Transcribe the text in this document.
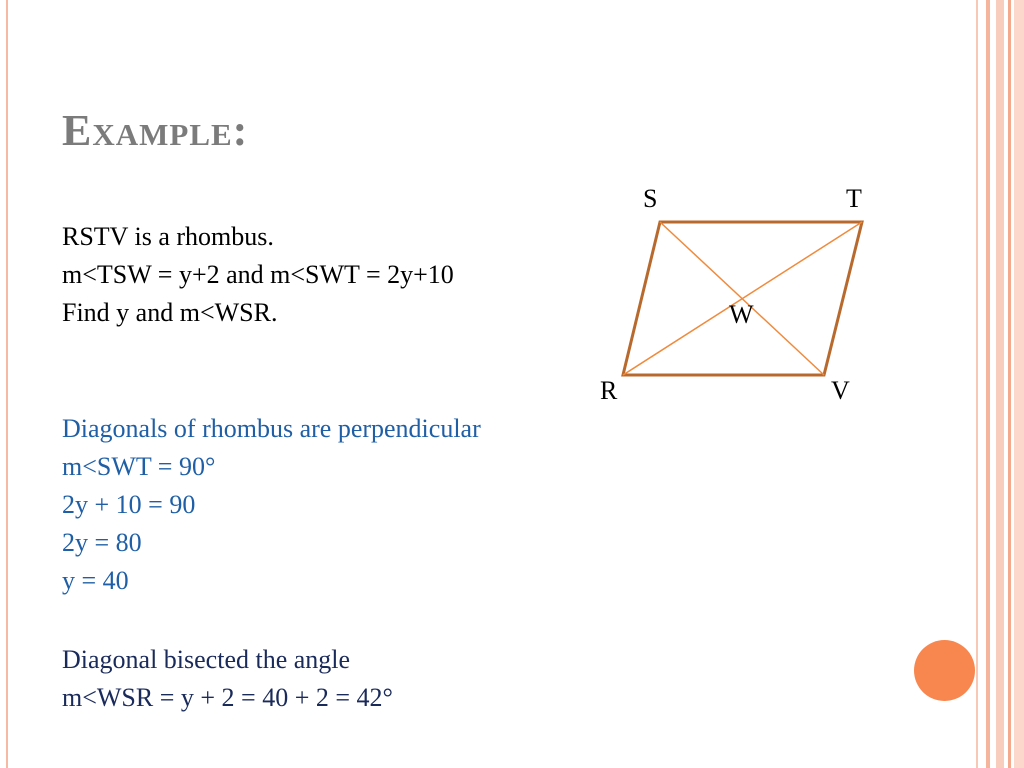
Example:
RSTV is a rhombus.
m<TSW = y+2 and m<SWT = 2y+10
Find y and m<WSR.
Diagonals of rhombus are perpendicular
m<SWT = 90°
2y + 10 = 90
2y = 80
y = 40
Diagonal bisected the angle
m<WSR = y + 2 = 40 + 2 = 42°
S	T
R	V
W
